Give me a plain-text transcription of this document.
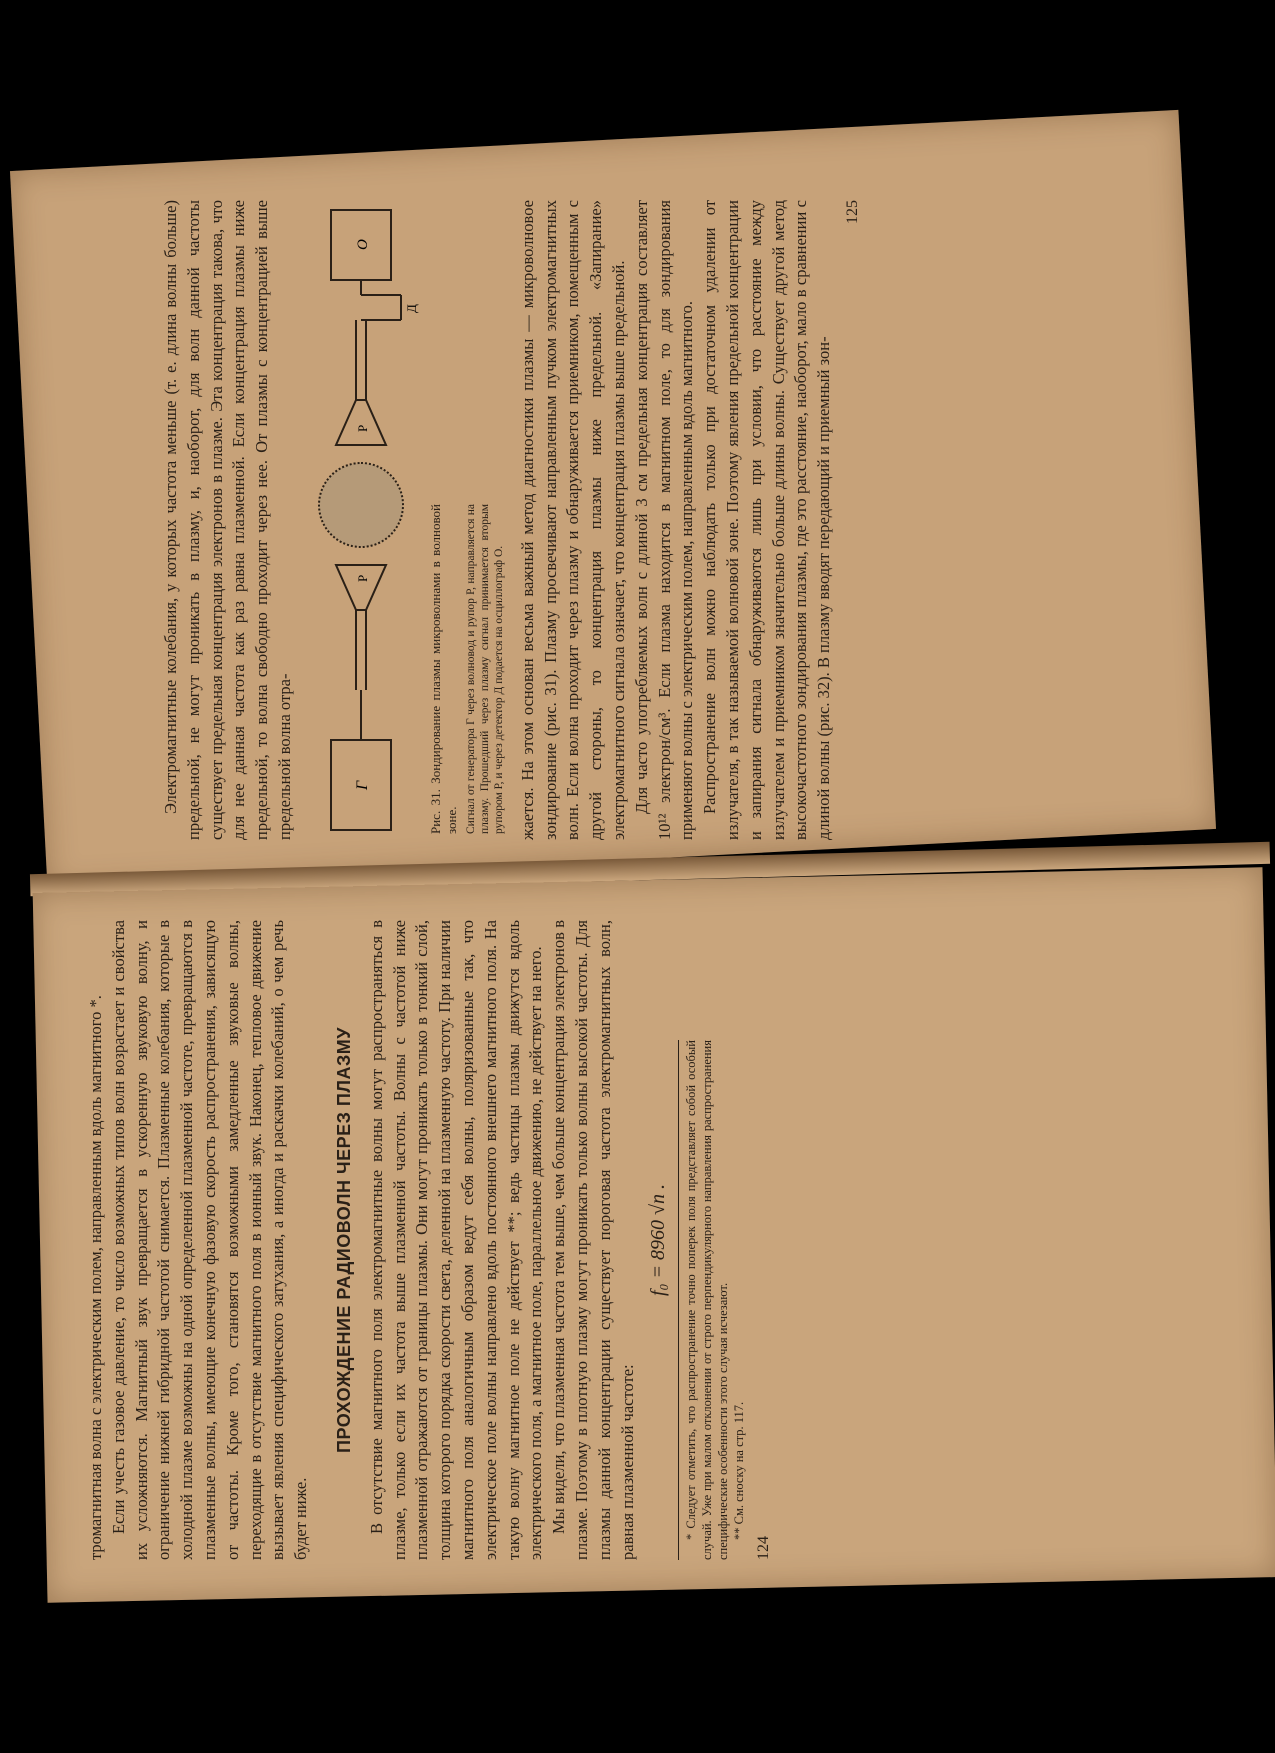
тромагнитная волна с электрическим полем, направленным вдоль магнитного *. Если учесть газовое давление, то число возможных типов волн возрастает и свойства их усложняются. Магнитный звук превращается в ускоренную звуковую волну, и ограничение нижней гибридной частотой снимается. Плазменные колебания, которые в холодной плазме возможны на одной определенной плазменной частоте, превращаются в плазменные волны, имеющие конечную фазовую скорость распространения, зависящую от частоты. Кроме того, становятся возможными замедленные звуковые волны, переходящие в отсутствие магнитного поля в ионный звук. Наконец, тепловое движение вызывает явления специфического затухания, а иногда и раскачки колебаний, о чем речь будет ниже.

ПРОХОЖДЕНИЕ РАДИОВОЛН ЧЕРЕЗ ПЛАЗМУ В отсутствие магнитного поля электромагнитные волны могут распространяться в плазме, только если их частота выше плазменной частоты. Волны с частотой ниже плазменной отражаются от границы плазмы. Они могут проникать только в тонкий слой, толщина которого порядка скорости света, деленной на плазменную частоту. При наличии магнитного поля аналогичным образом ведут себя волны, поляризованные так, что электрическое поле волны направлено вдоль постоянного внешнего магнитного поля. На такую волну магнитное поле не действует **; ведь частицы плазмы движутся вдоль электрического поля, а магнитное поле, параллельное движению, не действует на него. Мы видели, что плазменная частота тем выше, чем больше концентрация электронов в плазме. Поэтому в плотную плазму могут проникать только волны высокой частоты. Для плазмы данной концентрации существует пороговая частота электромагнитных волн, равная плазменной частоте:

f₀ = 8960 √n . * Следует отметить, что распространение точно поперек поля представляет собой особый случай. Уже при малом отклонении от строго перпендикулярного направления распространения специфические особенности этого случая исчезают. ** См. сноску на стр. 117.

124

Электромагнитные колебания, у которых частота меньше (т. е. длина волны больше) предельной, не могут проникать в плазму, и, наоборот, для волн данной частоты существует предельная концентрация электронов в плазме. Эта концентрация такова, что для нее данная частота как раз равна плазменной. Если концентрация плазмы ниже предельной, то волна свободно проходит через нее. От плазмы с концентрацией выше предельной волна отра-	Г
Р
Р
Д
О
Рис. 31. Зондирование плазмы микроволнами в волновой зоне. Сигнал от генератора Г через волновод и рупор Р, направляется на плазму. Прошедший через плазму сигнал принимается вторым рупором Р, и через детектор Д подается на осциллограф О. жается. На этом основан весьма важный метод диагностики плазмы — микроволновое зондирование (рис. 31). Плазму просвечивают направленным пучком электромагнитных волн. Если волна проходит через плазму и обнаруживается приемником, помещенным с другой стороны, то концентрация плазмы ниже предельной. «Запирание» электромагнитного сигнала означает, что концентрация плазмы выше предельной. Для часто употребляемых волн с длиной 3 см предельная концентрация составляет 10¹² электрон/см³. Если плазма находится в магнитном поле, то для зондирования применяют волны с электрическим полем, направленным вдоль магнитного. Распространение волн можно наблюдать только при достаточном удалении от излучателя, в так называемой волновой зоне. Поэтому явления предельной концентрации и запирания сигнала обнаруживаются лишь при условии, что расстояние между излучателем и приемником значительно больше длины волны. Существует другой метод высокочастотного зондирования плазмы, где это расстояние, наоборот, мало в сравнении с длиной волны (рис. 32). В плазму вводят передающий и приемный зон-

125
